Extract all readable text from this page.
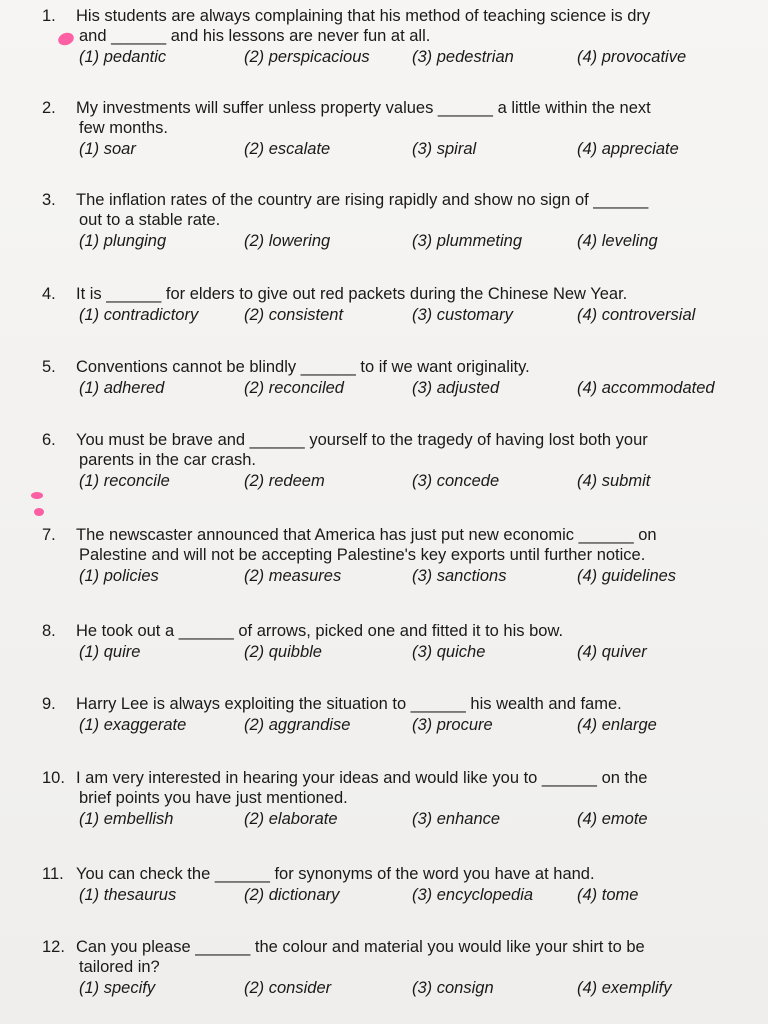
1. His students are always complaining that his method of teaching science is dry
and ______ and his lessons are never fun at all.
(1) pedantic	(2) perspicacious	(3) pedestrian	(4) provocative
2. My investments will suffer unless property values ______ a little within the next
few months.
(1) soar	(2) escalate	(3) spiral	(4) appreciate
3. The inflation rates of the country are rising rapidly and show no sign of ______
out to a stable rate.
(1) plunging	(2) lowering	(3) plummeting	(4) leveling
4. It is ______ for elders to give out red packets during the Chinese New Year.
(1) contradictory	(2) consistent	(3) customary	(4) controversial
5. Conventions cannot be blindly ______ to if we want originality.
(1) adhered	(2) reconciled	(3) adjusted	(4) accommodated
6. You must be brave and ______ yourself to the tragedy of having lost both your
parents in the car crash.
(1) reconcile	(2) redeem	(3) concede	(4) submit
7. The newscaster announced that America has just put new economic ______ on
Palestine and will not be accepting Palestine's key exports until further notice.
(1) policies	(2) measures	(3) sanctions	(4) guidelines
8. He took out a ______ of arrows, picked one and fitted it to his bow.
(1) quire	(2) quibble	(3) quiche	(4) quiver
9. Harry Lee is always exploiting the situation to ______ his wealth and fame.
(1) exaggerate	(2) aggrandise	(3) procure	(4) enlarge
10. I am very interested in hearing your ideas and would like you to ______ on the
brief points you have just mentioned.
(1) embellish	(2) elaborate	(3) enhance	(4) emote
11. You can check the ______ for synonyms of the word you have at hand.
(1) thesaurus	(2) dictionary	(3) encyclopedia	(4) tome
12. Can you please ______ the colour and material you would like your shirt to be
tailored in?
(1) specify	(2) consider	(3) consign	(4) exemplify
